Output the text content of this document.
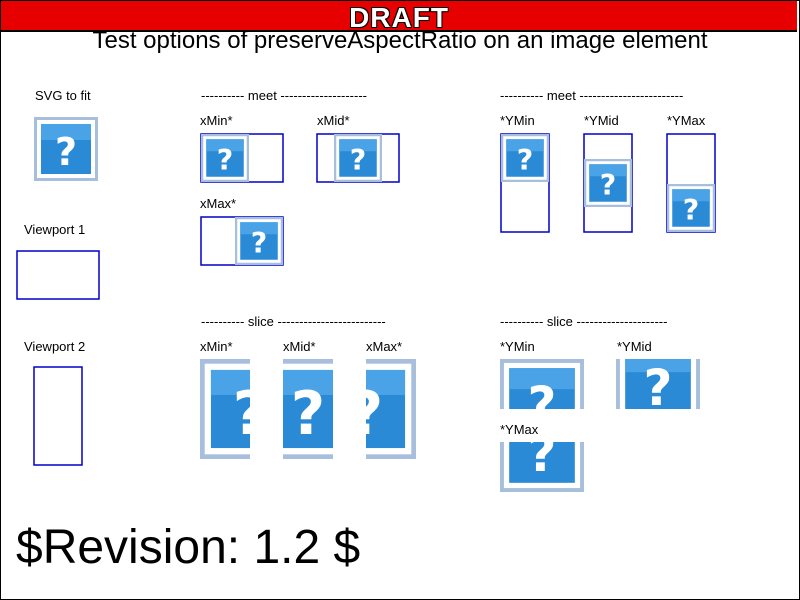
DRAFT
Test options of preserveAspectRatio on an image element
?
SVG to fit
Viewport 1
Viewport 2
---------- meet --------------------	---------- meet ------------------------
---------- slice -------------------------	---------- slice ---------------------
xMin*	xMid*
xMax*
*YMin	*YMid	*YMax
xMin*	xMid*	xMax*	*YMin	*YMid
*YMax
$Revision: 1.2 $
